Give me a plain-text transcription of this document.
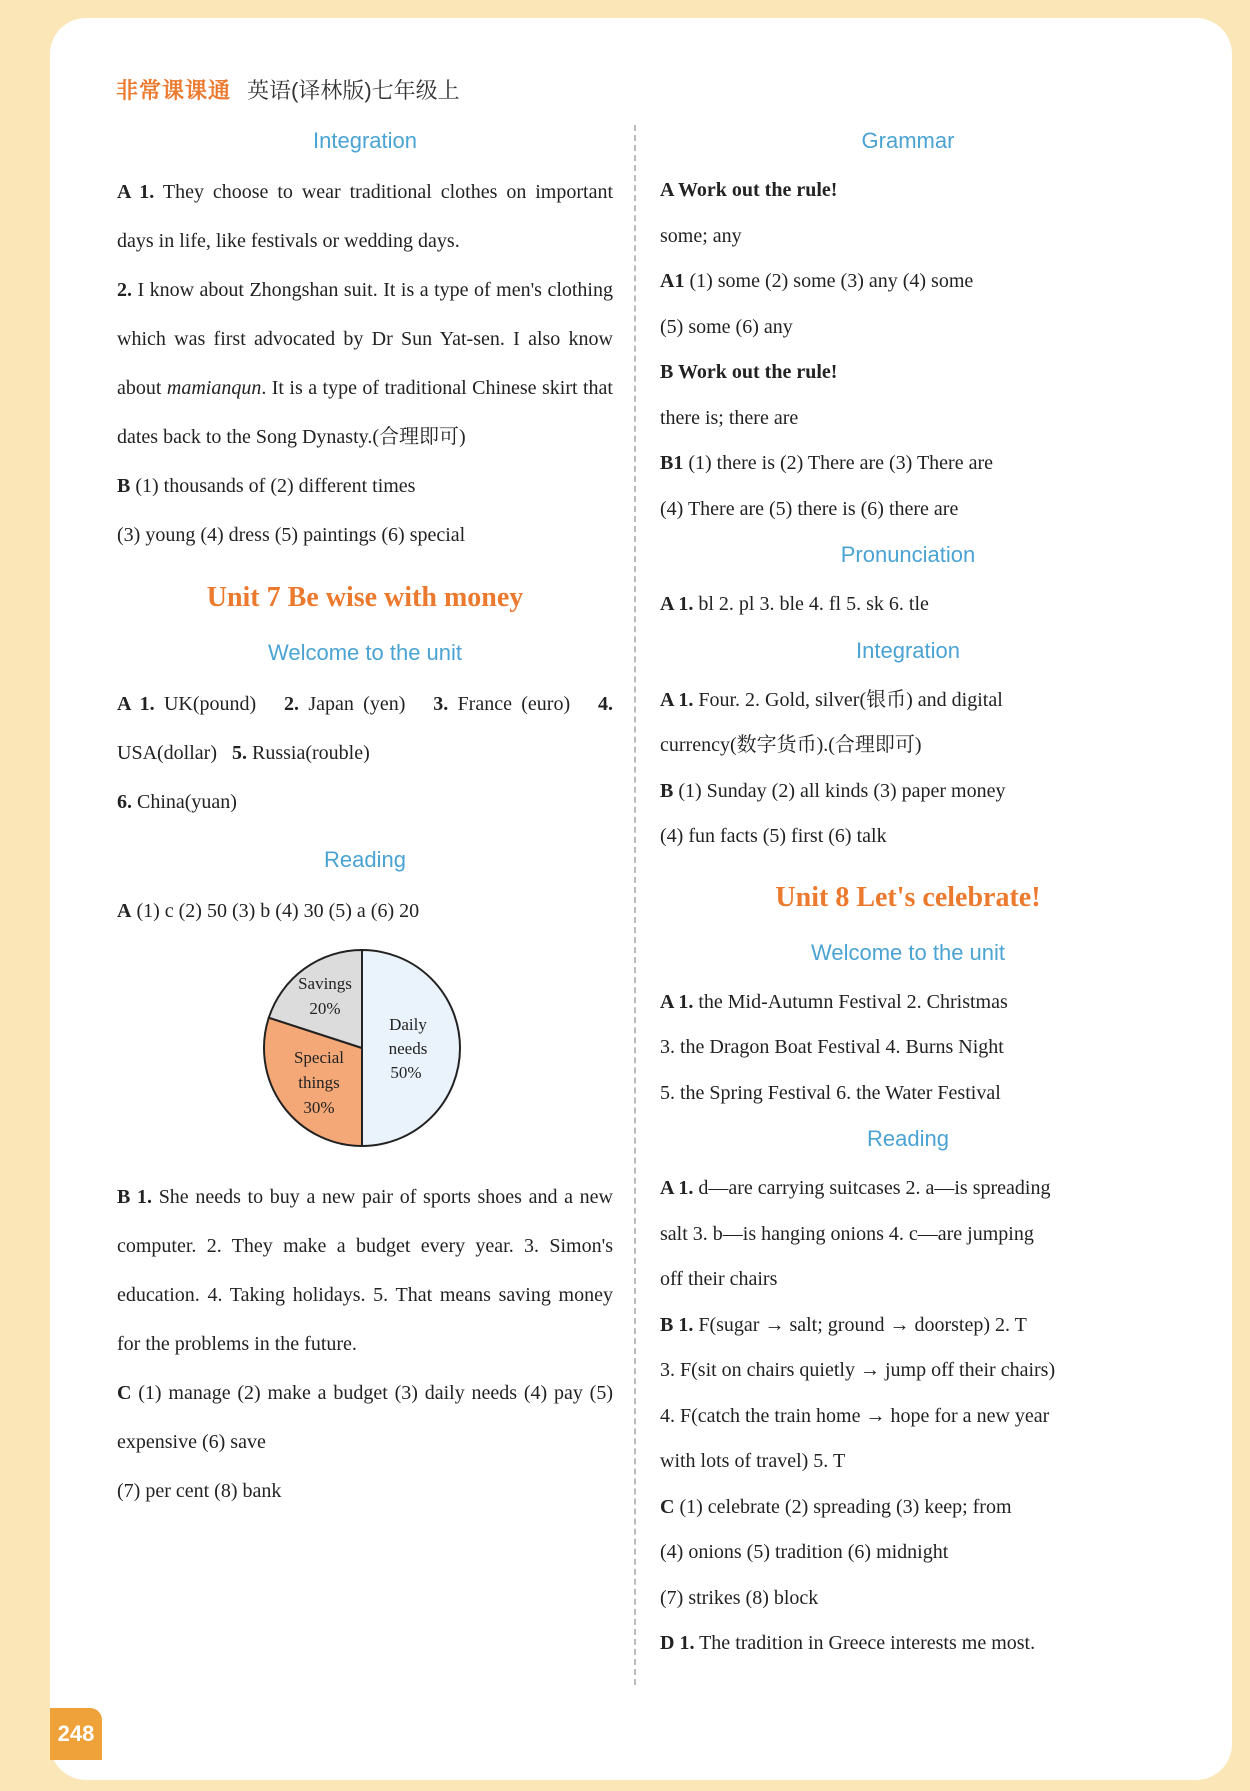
非常课课通 英语(译林版)七年级上
Integration

A 1. They choose to wear traditional clothes on important days in life, like festivals or wedding days.

2. I know about Zhongshan suit. It is a type of men's clothing which was first advocated by Dr Sun Yat-sen. I also know about mamianqun. It is a type of traditional Chinese skirt that dates back to the Song Dynasty.(合理即可)

B (1) thousands of (2) different times
(3) young (4) dress (5) paintings (6) special

Unit 7 Be wise with money
Welcome to the unit

A 1. UK(pound) 2. Japan (yen) 3. France (euro) 4. USA(dollar) 5. Russia(rouble)
6. China(yuan)

Reading

A (1) c (2) 50 (3) b (4) 30 (5) a (6) 20

Daily
needs
50%
Special
things
30%
Savings
20%

B 1. She needs to buy a new pair of sports shoes and a new computer. 2. They make a budget every year. 3. Simon's education. 4. Taking holidays. 5. That means saving money for the problems in the future.

C (1) manage (2) make a budget (3) daily needs (4) pay (5) expensive (6) save
(7) per cent (8) bank

Grammar

A Work out the rule!

some; any

A1 (1) some (2) some (3) any (4) some

(5) some (6) any

B Work out the rule!

there is; there are

B1 (1) there is (2) There are (3) There are

(4) There are (5) there is (6) there are

Pronunciation

A 1. bl 2. pl 3. ble 4. fl 5. sk 6. tle

Integration

A 1. Four. 2. Gold, silver(银币) and digital

currency(数字货币).(合理即可)

B (1) Sunday (2) all kinds (3) paper money

(4) fun facts (5) first (6) talk

Unit 8 Let's celebrate!
Welcome to the unit

A 1. the Mid-Autumn Festival 2. Christmas

3. the Dragon Boat Festival 4. Burns Night

5. the Spring Festival 6. the Water Festival

Reading

A 1. d—are carrying suitcases 2. a—is spreading

salt 3. b—is hanging onions 4. c—are jumping

off their chairs

B 1. F(sugar → salt; ground → doorstep) 2. T

3. F(sit on chairs quietly → jump off their chairs)

4. F(catch the train home → hope for a new year

with lots of travel) 5. T

C (1) celebrate (2) spreading (3) keep; from

(4) onions (5) tradition (6) midnight

(7) strikes (8) block

D 1. The tradition in Greece interests me most.

248
